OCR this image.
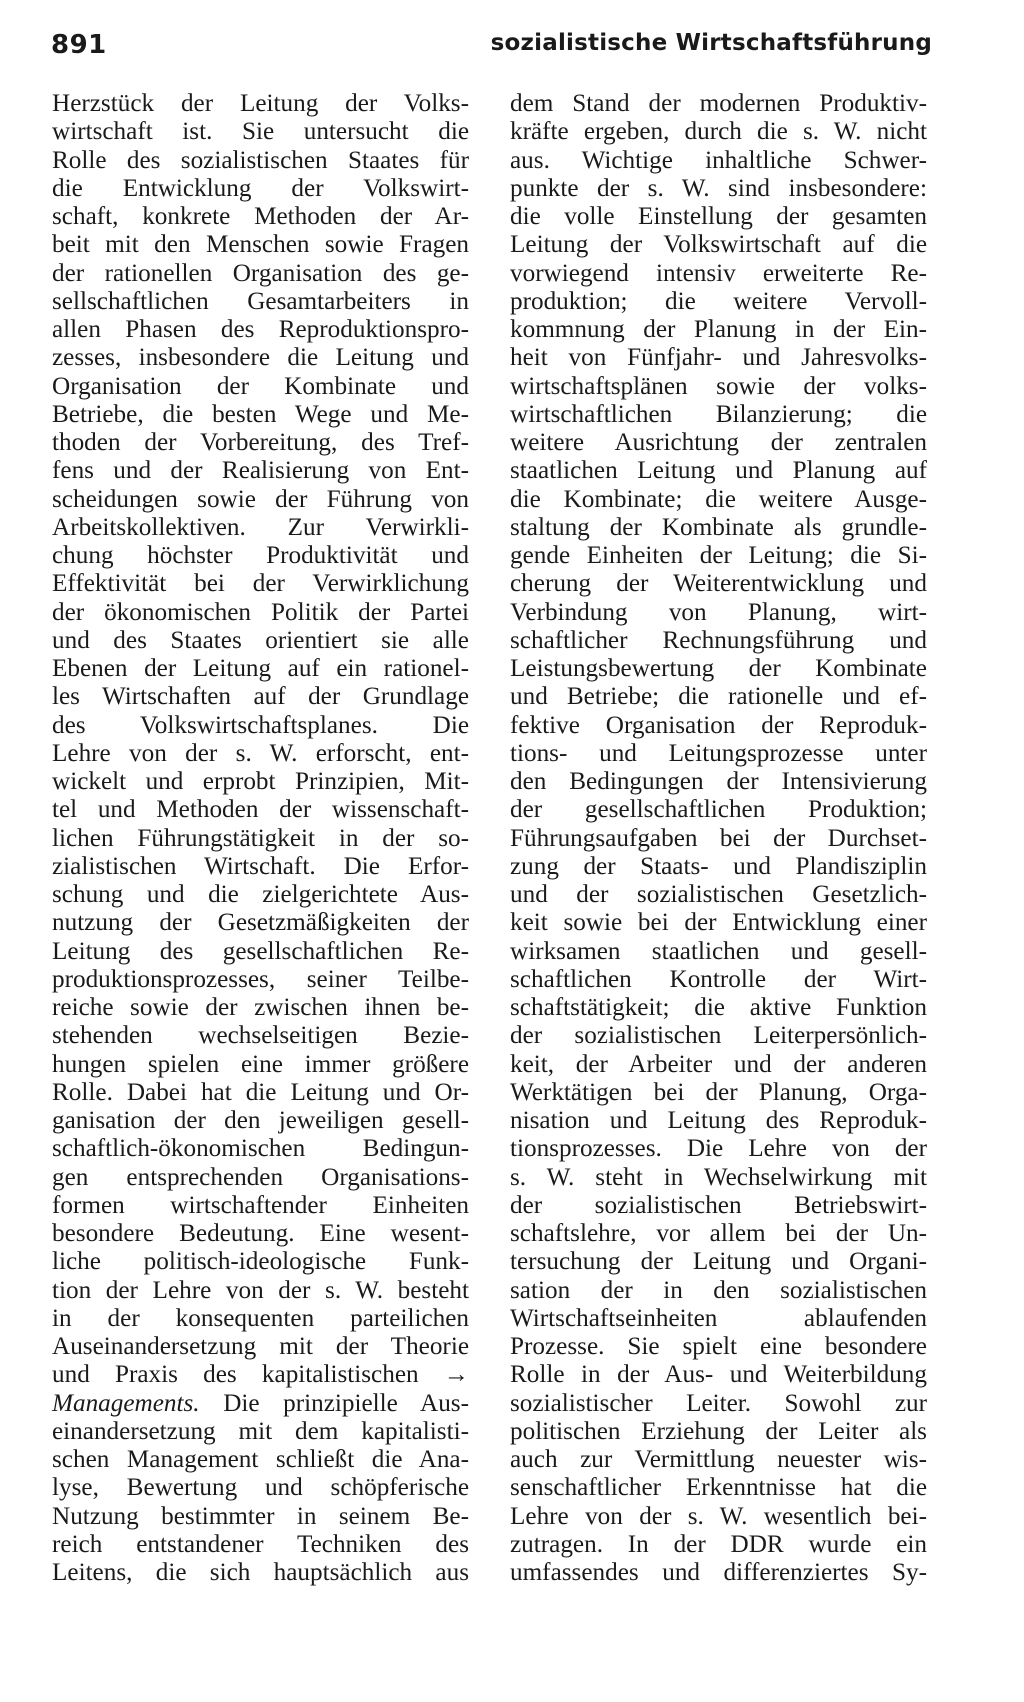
891	sozialistische Wirtschaftsführung
Herzstück der Leitung der Volks-
wirtschaft ist. Sie untersucht die
Rolle des sozialistischen Staates für
die Entwicklung der Volkswirt-
schaft, konkrete Methoden der Ar-
beit mit den Menschen sowie Fragen
der rationellen Organisation des ge-
sellschaftlichen Gesamtarbeiters in
allen Phasen des Reproduktionspro-
zesses, insbesondere die Leitung und
Organisation der Kombinate und
Betriebe, die besten Wege und Me-
thoden der Vorbereitung, des Tref-
fens und der Realisierung von Ent-
scheidungen sowie der Führung von
Arbeitskollektiven. Zur Verwirkli-
chung höchster Produktivität und
Effektivität bei der Verwirklichung
der ökonomischen Politik der Partei
und des Staates orientiert sie alle
Ebenen der Leitung auf ein rationel-
les Wirtschaften auf der Grundlage
des Volkswirtschaftsplanes. Die
Lehre von der s. W. erforscht, ent-
wickelt und erprobt Prinzipien, Mit-
tel und Methoden der wissenschaft-
lichen Führungstätigkeit in der so-
zialistischen Wirtschaft. Die Erfor-
schung und die zielgerichtete Aus-
nutzung der Gesetzmäßigkeiten der
Leitung des gesellschaftlichen Re-
produktionsprozesses, seiner Teilbe-
reiche sowie der zwischen ihnen be-
stehenden wechselseitigen Bezie-
hungen spielen eine immer größere
Rolle. Dabei hat die Leitung und Or-
ganisation der den jeweiligen gesell-
schaftlich-ökonomischen Bedingun-
gen entsprechenden Organisations-
formen wirtschaftender Einheiten
besondere Bedeutung. Eine wesent-
liche politisch-ideologische Funk-
tion der Lehre von der s. W. besteht
in der konsequenten parteilichen
Auseinandersetzung mit der Theorie
und Praxis des kapitalistischen →
Managements. Die prinzipielle Aus-
einandersetzung mit dem kapitalisti-
schen Management schließt die Ana-
lyse, Bewertung und schöpferische
Nutzung bestimmter in seinem Be-
reich entstandener Techniken des
Leitens, die sich hauptsächlich aus
dem Stand der modernen Produktiv-
kräfte ergeben, durch die s. W. nicht
aus. Wichtige inhaltliche Schwer-
punkte der s. W. sind insbesondere:
die volle Einstellung der gesamten
Leitung der Volkswirtschaft auf die
vorwiegend intensiv erweiterte Re-
produktion; die weitere Vervoll-
kommnung der Planung in der Ein-
heit von Fünfjahr- und Jahresvolks-
wirtschaftsplänen sowie der volks-
wirtschaftlichen Bilanzierung; die
weitere Ausrichtung der zentralen
staatlichen Leitung und Planung auf
die Kombinate; die weitere Ausge-
staltung der Kombinate als grundle-
gende Einheiten der Leitung; die Si-
cherung der Weiterentwicklung und
Verbindung von Planung, wirt-
schaftlicher Rechnungsführung und
Leistungsbewertung der Kombinate
und Betriebe; die rationelle und ef-
fektive Organisation der Reproduk-
tions- und Leitungsprozesse unter
den Bedingungen der Intensivierung
der gesellschaftlichen Produktion;
Führungsaufgaben bei der Durchset-
zung der Staats- und Plandisziplin
und der sozialistischen Gesetzlich-
keit sowie bei der Entwicklung einer
wirksamen staatlichen und gesell-
schaftlichen Kontrolle der Wirt-
schaftstätigkeit; die aktive Funktion
der sozialistischen Leiterpersönlich-
keit, der Arbeiter und der anderen
Werktätigen bei der Planung, Orga-
nisation und Leitung des Reproduk-
tionsprozesses. Die Lehre von der
s. W. steht in Wechselwirkung mit
der sozialistischen Betriebswirt-
schaftslehre, vor allem bei der Un-
tersuchung der Leitung und Organi-
sation der in den sozialistischen
Wirtschaftseinheiten ablaufenden
Prozesse. Sie spielt eine besondere
Rolle in der Aus- und Weiterbildung
sozialistischer Leiter. Sowohl zur
politischen Erziehung der Leiter als
auch zur Vermittlung neuester wis-
senschaftlicher Erkenntnisse hat die
Lehre von der s. W. wesentlich bei-
zutragen. In der DDR wurde ein
umfassendes und differenziertes Sy-
